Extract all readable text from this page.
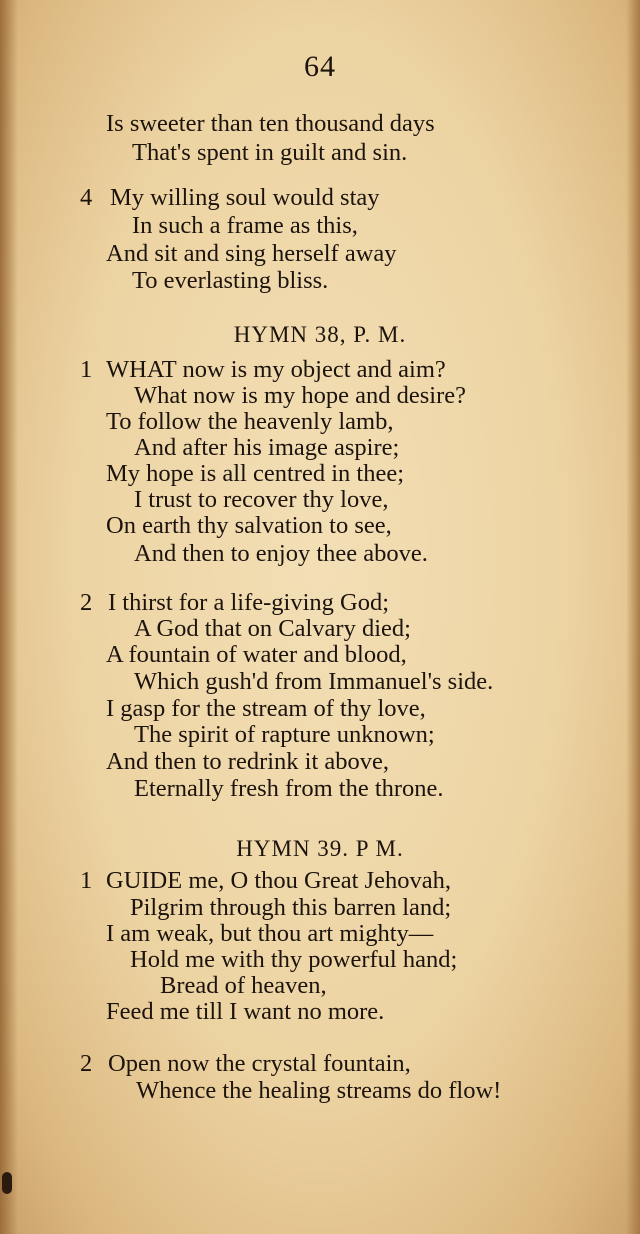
64
Is sweeter than ten thousand days
That's spent in guilt and sin.
4 My willing soul would stay
In such a frame as this,
And sit and sing herself away
To everlasting bliss.
HYMN 38, P. M.
1 WHAT now is my object and aim?
What now is my hope and desire?
To follow the heavenly lamb,
And after his image aspire;
My hope is all centred in thee;
I trust to recover thy love,
On earth thy salvation to see,
And then to enjoy thee above.
2 I thirst for a life-giving God;
A God that on Calvary died;
A fountain of water and blood,
Which gush'd from Immanuel's side.
I gasp for the stream of thy love,
The spirit of rapture unknown;
And then to redrink it above,
Eternally fresh from the throne.
HYMN 39. P M.
1 GUIDE me, O thou Great Jehovah,
Pilgrim through this barren land;
I am weak, but thou art mighty—
Hold me with thy powerful hand;
Bread of heaven,
Feed me till I want no more.
2 Open now the crystal fountain,
Whence the healing streams do flow!
